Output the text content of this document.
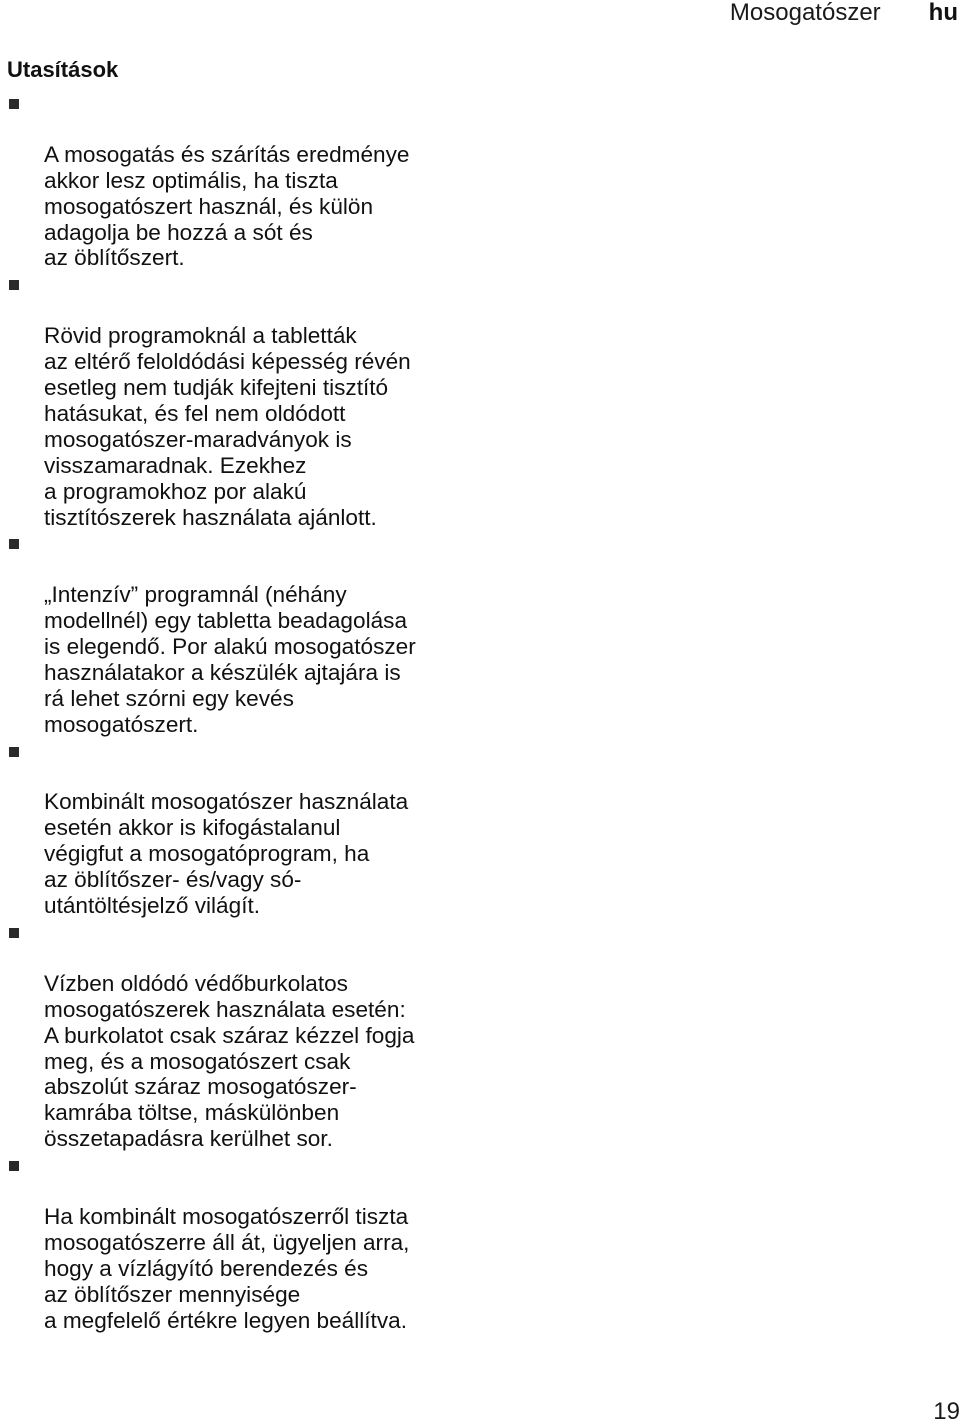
Mosogatószer hu
Utasítások

A mosogatás és szárítás eredménye
akkor lesz optimális, ha tiszta
mosogatószert használ, és külön
adagolja be hozzá a sót és
az öblítőszert.

Rövid programoknál a tabletták
az eltérő feloldódási képesség révén
esetleg nem tudják kifejteni tisztító
hatásukat, és fel nem oldódott
mosogatószer-maradványok is
visszamaradnak. Ezekhez
a programokhoz por alakú
tisztítószerek használata ajánlott.

„Intenzív” programnál (néhány
modellnél) egy tabletta beadagolása
is elegendő. Por alakú mosogatószer
használatakor a készülék ajtajára is
rá lehet szórni egy kevés
mosogatószert.

Kombinált mosogatószer használata
esetén akkor is kifogástalanul
végigfut a mosogatóprogram, ha
az öblítőszer- és/vagy só-
utántöltésjelző világít.

Vízben oldódó védőburkolatos
mosogatószerek használata esetén:
A burkolatot csak száraz kézzel fogja
meg, és a mosogatószert csak
abszolút száraz mosogatószer-
kamrába töltse, máskülönben
összetapadásra kerülhet sor.

Ha kombinált mosogatószerről tiszta
mosogatószerre áll át, ügyeljen arra,
hogy a vízlágyító berendezés és
az öblítőszer mennyisége
a megfelelő értékre legyen beállítva.

19
